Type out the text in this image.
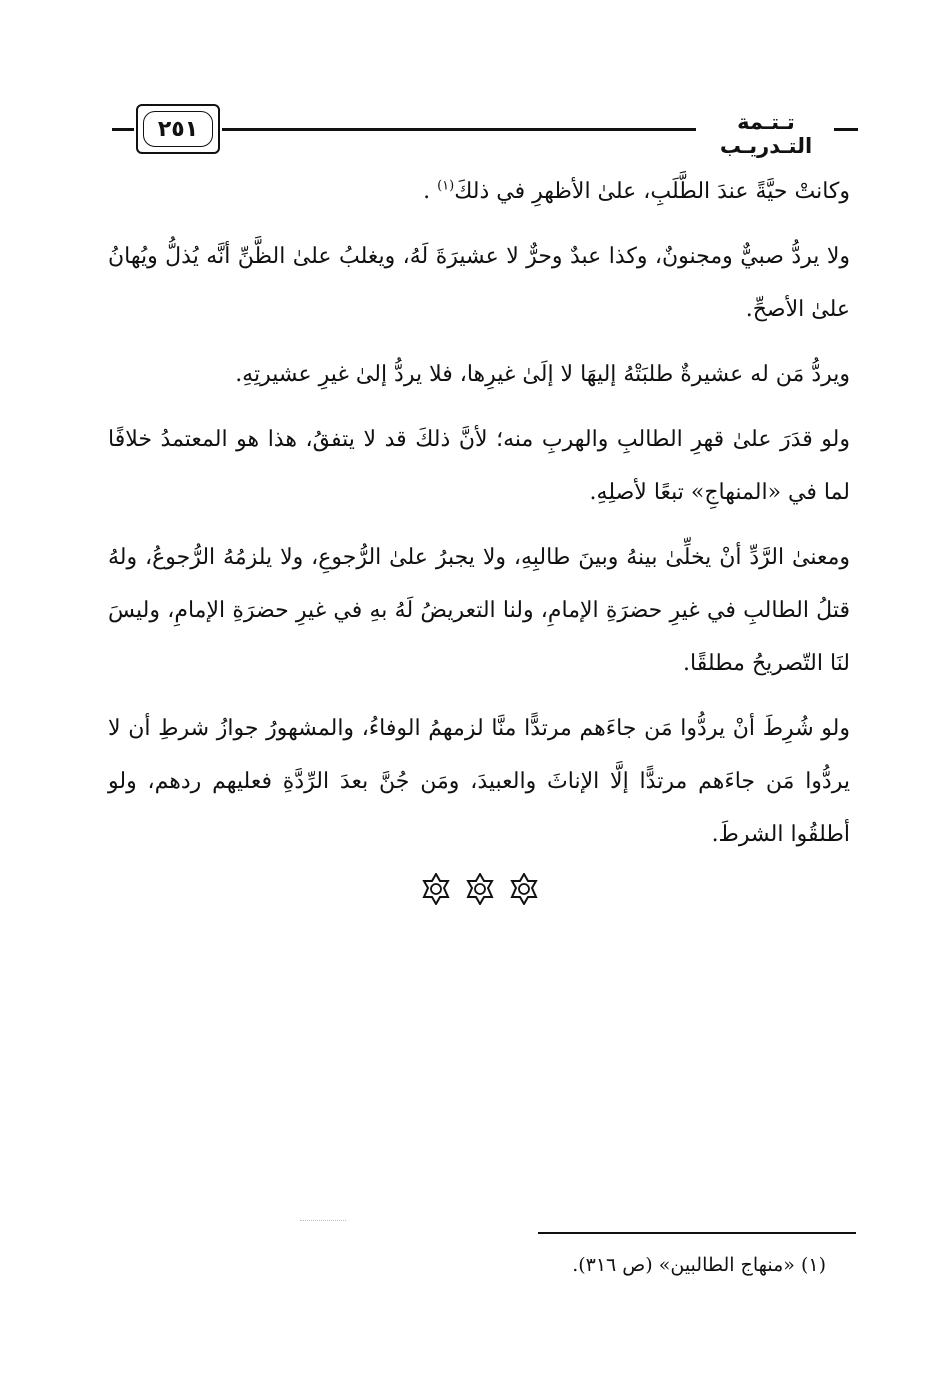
٢٥١	تـتـمة التـدريـب

وكانتْ حيَّةً عندَ الطَّلَبِ، علىٰ الأظهرِ في ذلكَ$^{(١)}$ .

ولا يردُّ صبيٌّ ومجنونٌ، وكذا عبدٌ وحرٌّ لا عشيرَةَ لَهُ، ويغلبُ علىٰ الظَّنِّ أنَّه يُذلُّ ويُهانُ علىٰ الأصحِّ.

ويردُّ مَن له عشيرةٌ طلبَتْهُ إليهَا لا إلَىٰ غيرِها، فلا يردُّ إلىٰ غيرِ عشيرتِهِ.

ولو قدَرَ علىٰ قهرِ الطالبِ والهربِ منه؛ لأنَّ ذلكَ قد لا يتفقُ، هذا هو المعتمدُ خلافًا لما في «المنهاجِ» تبعًا لأصلِهِ.

ومعنىٰ الرَّدِّ أنْ يخلِّىٰ بينهُ وبينَ طالبِهِ، ولا يجبرُ علىٰ الرُّجوعِ، ولا يلزمُهُ الرُّجوعُ، ولهُ قتلُ الطالبِ في غيرِ حضرَةِ الإمامِ، ولنا التعريضُ لَهُ بهِ في غيرِ حضرَةِ الإمامِ، وليسَ لنَا التّصريحُ مطلقًا.

ولو شُرِطَ أنْ يردُّوا مَن جاءَهم مرتدًّا منَّا لزمهمُ الوفاءُ، والمشهورُ جوازُ شرطِ أن لا يردُّوا مَن جاءَهم مرتدًّا إلَّا الإناثَ والعبيدَ، ومَن جُنَّ بعدَ الرِّدَّةِ فعليهم ردهم، ولو أطلقُوا الشرطَ.

(١) «منهاج الطالبين» (ص ٣١٦).
